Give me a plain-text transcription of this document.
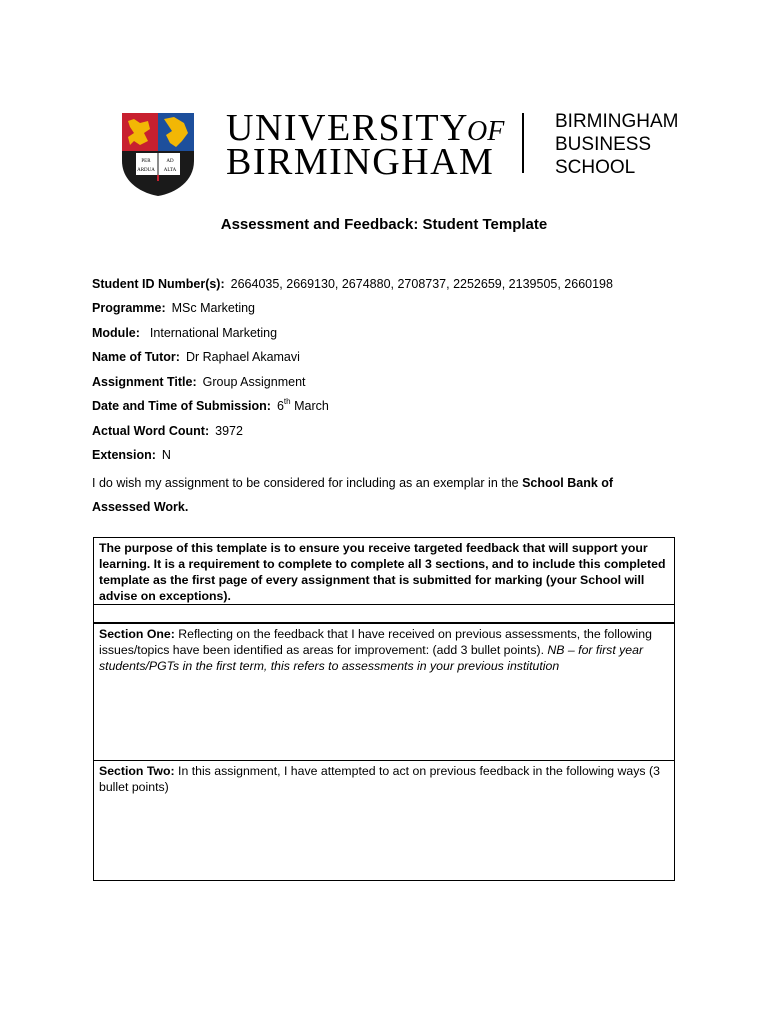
PER	AD
ARDUA ALTA
UNIVERSITYOF
BIRMINGHAM
BIRMINGHAM
BUSINESS
SCHOOL
Assessment and Feedback: Student Template
Student ID Number(s): 2664035, 2669130, 2674880, 2708737, 2252659, 2139505, 2660198
Programme: MSc Marketing
Module: International Marketing
Name of Tutor: Dr Raphael Akamavi
Assignment Title: Group Assignment
Date and Time of Submission: 6th March
Actual Word Count: 3972
Extension: N
I do wish my assignment to be considered for including as an exemplar in the School Bank of Assessed Work.
The purpose of this template is to ensure you receive targeted feedback that will support your learning. It is a requirement to complete to complete all 3 sections, and to include this completed template as the first page of every assignment that is submitted for marking (your School will advise on exceptions).
Section One: Reflecting on the feedback that I have received on previous assessments, the following issues/topics have been identified as areas for improvement: (add 3 bullet points). NB – for first year students/PGTs in the first term, this refers to assessments in your previous institution
Section Two: In this assignment, I have attempted to act on previous feedback in the following ways (3 bullet points)
